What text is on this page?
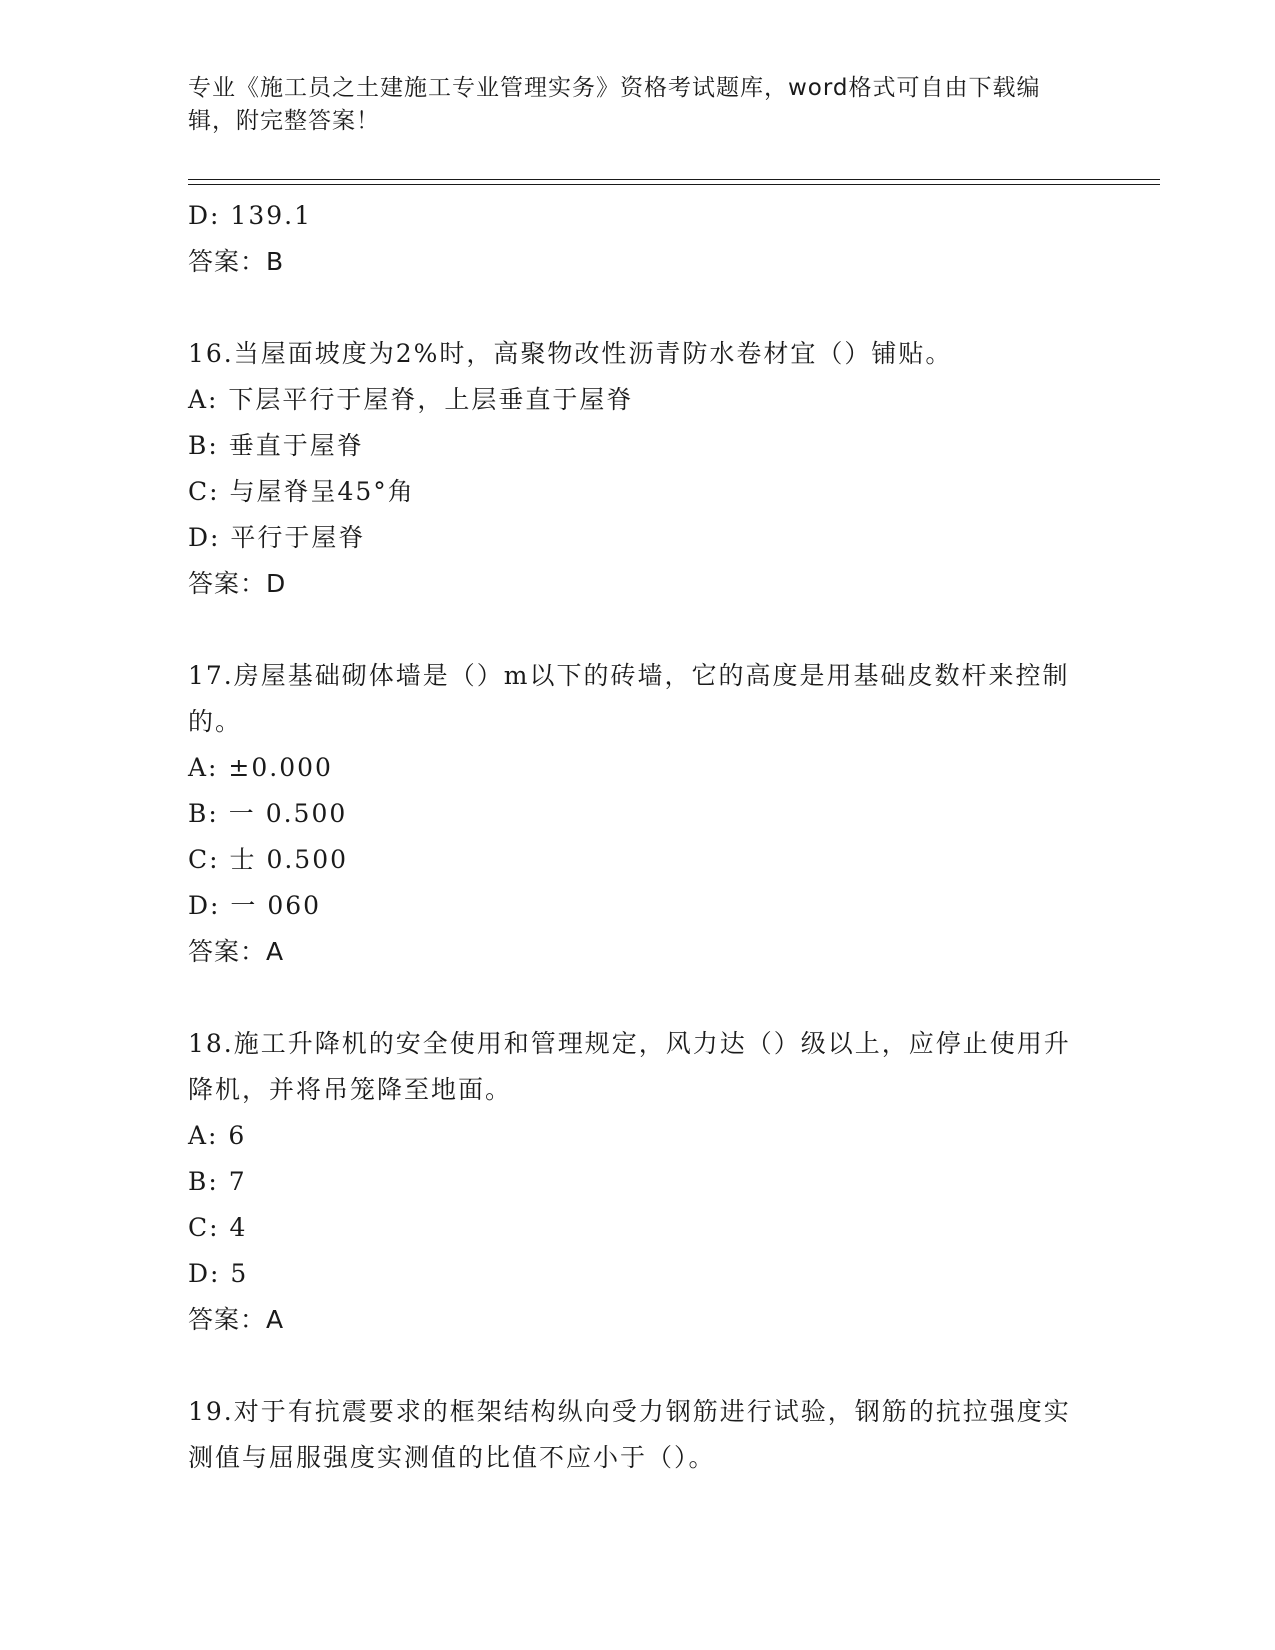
专业《施工员之土建施工专业管理实务》资格考试题库，word格式可自由下载编辑，附完整答案！
D: 139.1
答案：B
16.当屋面坡度为2%时，高聚物改性沥青防水卷材宜（）铺贴。
A: 下层平行于屋脊，上层垂直于屋脊
B: 垂直于屋脊
C: 与屋脊呈45°角
D: 平行于屋脊
答案：D
17.房屋基础砌体墙是（）m以下的砖墙，它的高度是用基础皮数杆来控制的。
A: ±0.000
B: 一 0.500
C: 士 0.500
D: 一 060
答案：A
18.施工升降机的安全使用和管理规定，风力达（）级以上，应停止使用升降机，并将吊笼降至地面。
A: 6
B: 7
C: 4
D: 5
答案：A
19.对于有抗震要求的框架结构纵向受力钢筋进行试验，钢筋的抗拉强度实测值与屈服强度实测值的比值不应小于（）。
